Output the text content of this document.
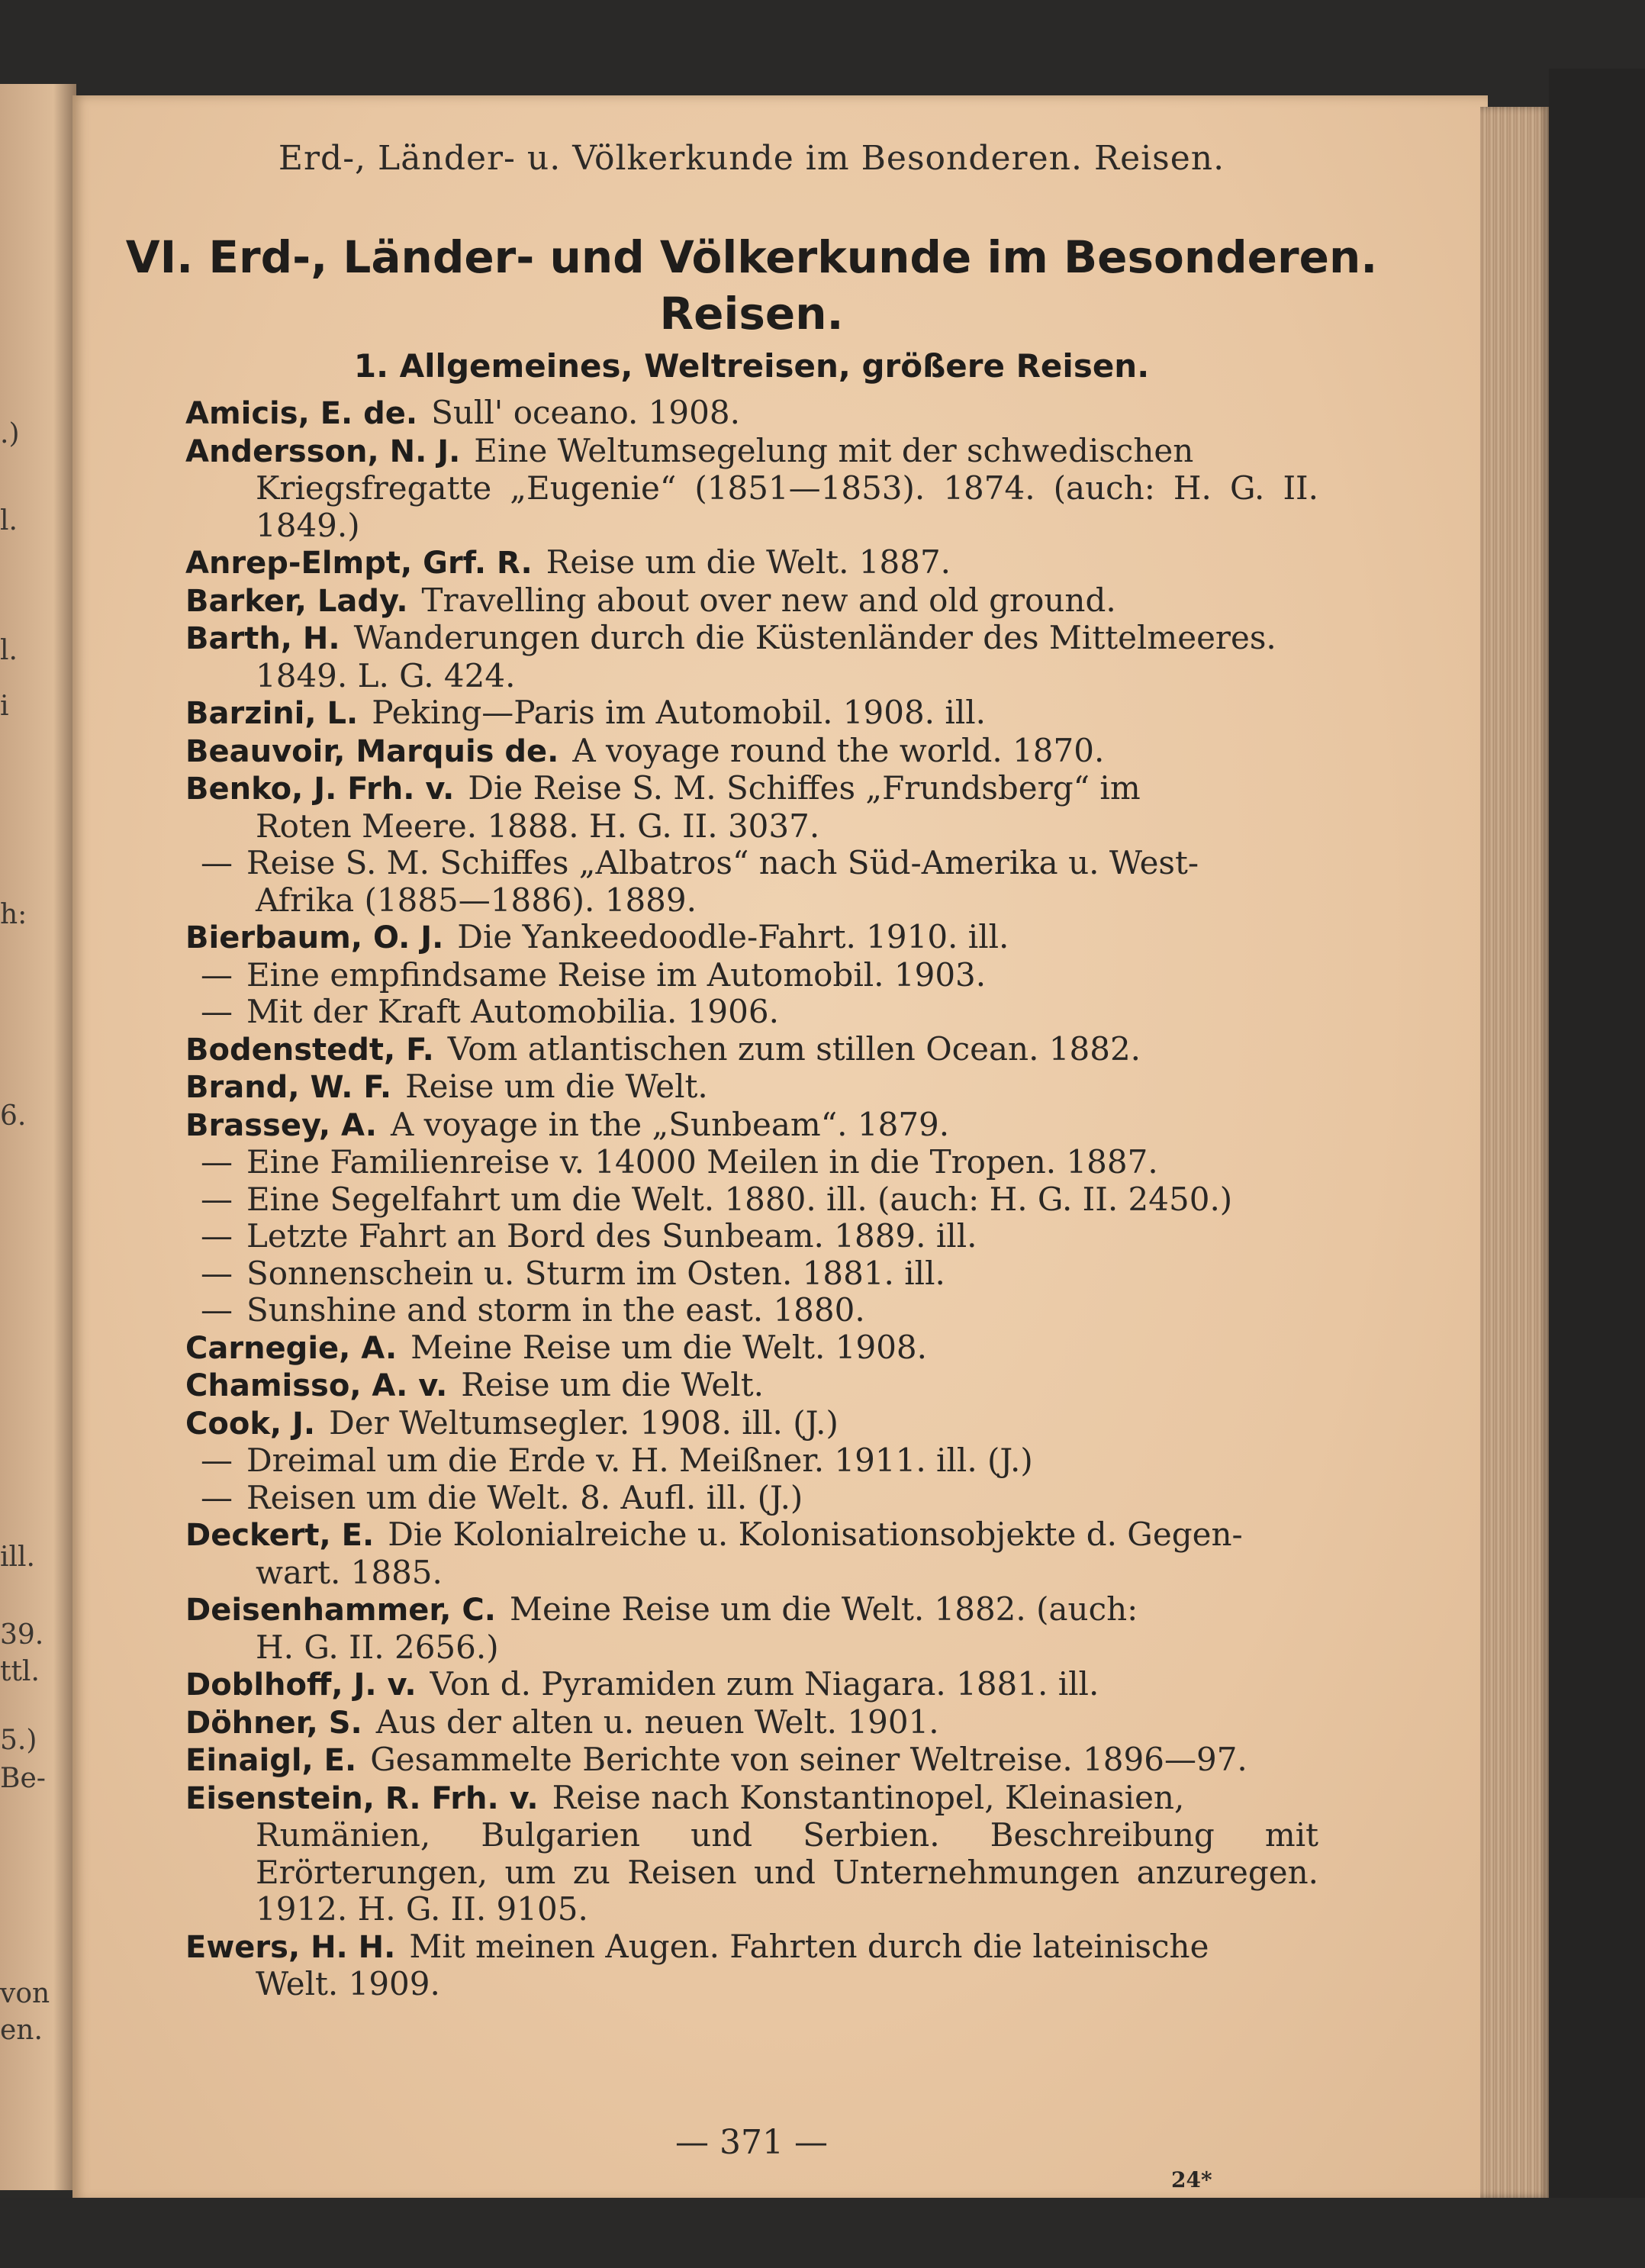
.)
l.
l.
i
h:
6.
ill.
39.
ttl.
5.)
Be-
von
en.
Erd-, Länder- u. Völkerkunde im Besonderen. Reisen.
VI. Erd-, Länder- und Völkerkunde im Besonderen.
Reisen.
1. Allgemeines, Weltreisen, größere Reisen.
Amicis, E. de. Sull' oceano. 1908.
Andersson, N. J. Eine Weltumsegelung mit der schwedischen
Kriegsfregatte „Eugenie“ (1851—1853). 1874. (auch: H. G. II. 1849.)
Anrep-Elmpt, Grf. R. Reise um die Welt. 1887.
Barker, Lady. Travelling about over new and old ground.
Barth, H. Wanderungen durch die Küstenländer des Mittelmeeres.
1849. L. G. 424.
Barzini, L. Peking—Paris im Automobil. 1908. ill.
Beauvoir, Marquis de. A voyage round the world. 1870.
Benko, J. Frh. v. Die Reise S. M. Schiffes „Frundsberg“ im
Roten Meere. 1888. H. G. II. 3037.
— Reise S. M. Schiffes „Albatros“ nach Süd-Amerika u. West-
Afrika (1885—1886). 1889.
Bierbaum, O. J. Die Yankeedoodle-Fahrt. 1910. ill.
— Eine empfindsame Reise im Automobil. 1903.
— Mit der Kraft Automobilia. 1906.
Bodenstedt, F. Vom atlantischen zum stillen Ocean. 1882.
Brand, W. F. Reise um die Welt.
Brassey, A. A voyage in the „Sunbeam“. 1879.
— Eine Familienreise v. 14000 Meilen in die Tropen. 1887.
— Eine Segelfahrt um die Welt. 1880. ill. (auch: H. G. II. 2450.)
— Letzte Fahrt an Bord des Sunbeam. 1889. ill.
— Sonnenschein u. Sturm im Osten. 1881. ill.
— Sunshine and storm in the east. 1880.
Carnegie, A. Meine Reise um die Welt. 1908.
Chamisso, A. v. Reise um die Welt.
Cook, J. Der Weltumsegler. 1908. ill. (J.)
— Dreimal um die Erde v. H. Meißner. 1911. ill. (J.)
— Reisen um die Welt. 8. Aufl. ill. (J.)
Deckert, E. Die Kolonialreiche u. Kolonisationsobjekte d. Gegen-
wart. 1885.
Deisenhammer, C. Meine Reise um die Welt. 1882. (auch:
H. G. II. 2656.)
Doblhoff, J. v. Von d. Pyramiden zum Niagara. 1881. ill.
Döhner, S. Aus der alten u. neuen Welt. 1901.
Einaigl, E. Gesammelte Berichte von seiner Weltreise. 1896—97.
Eisenstein, R. Frh. v. Reise nach Konstantinopel, Kleinasien,
Rumänien, Bulgarien und Serbien. Beschreibung mit Erörterungen, um zu Reisen und Unternehmungen anzuregen. 1912. H. G. II. 9105.
Ewers, H. H. Mit meinen Augen. Fahrten durch die lateinische
Welt. 1909.
— 371 —
24*
